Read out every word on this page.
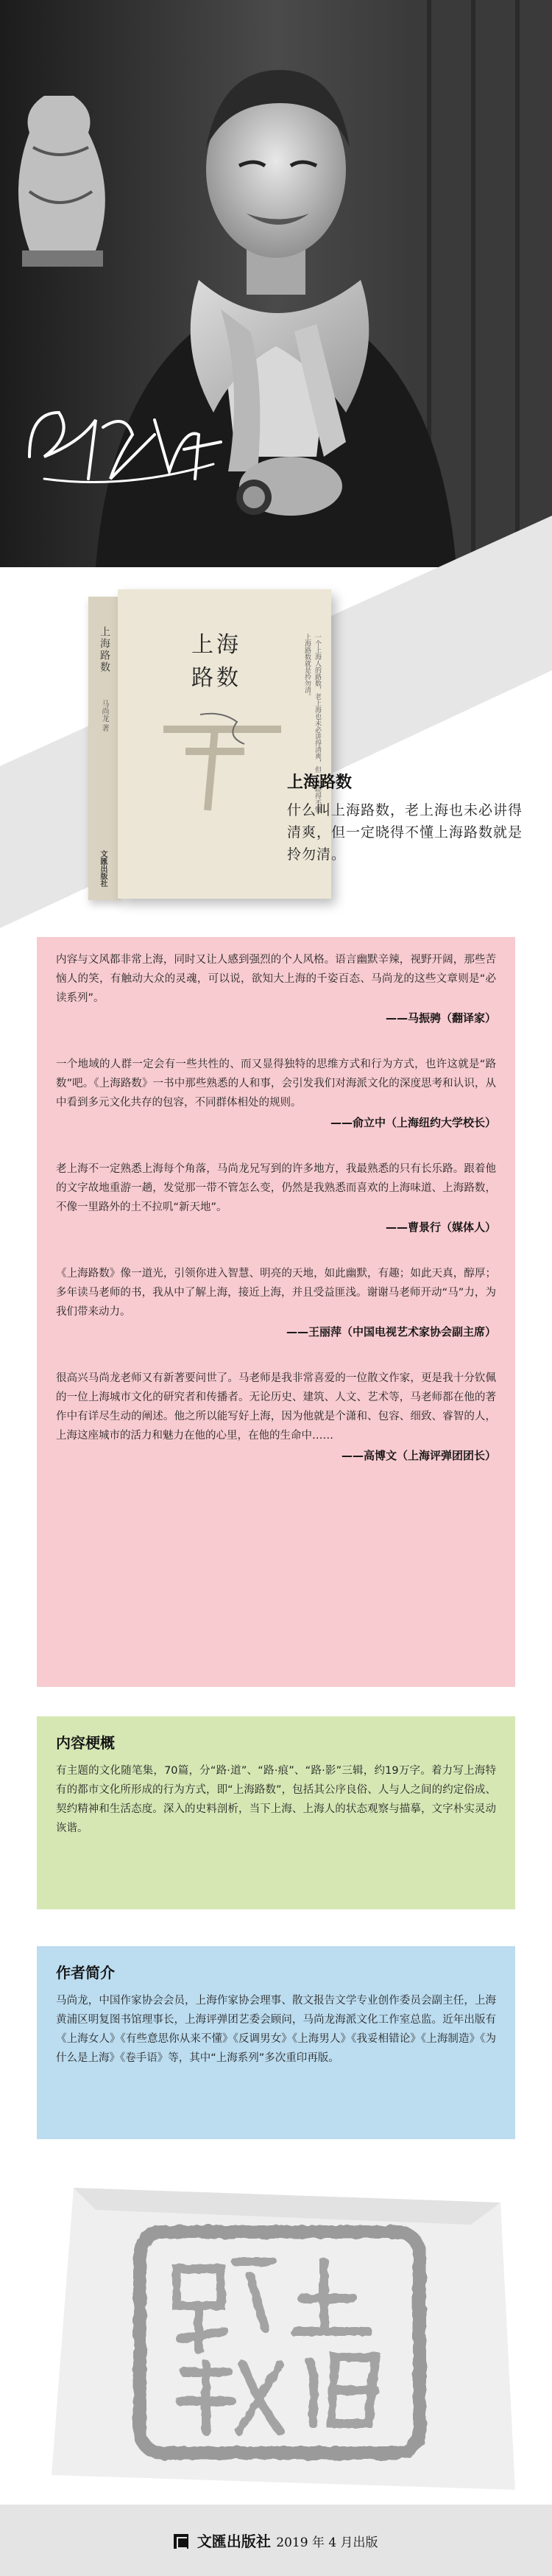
上海路数
马尚龙 著
文匯出版社
上海
路数	一个上海人的路数，老上海也未必讲得清爽，但一定晓得不懂上海路数就是拎勿清。
上海路数
什么叫上海路数，老上海也未必讲得清爽，但一定晓得不懂上海路数就是拎勿清。

内容与文风都非常上海，同时又让人感到强烈的个人风格。语言幽默辛辣，视野开阔，那些苦恼人的笑，有触动大众的灵魂，可以说，欲知大上海的千姿百态、马尚龙的这些文章则是“必读系列”。

——马振骋（翻译家）

一个地域的人群一定会有一些共性的、而又显得独特的思维方式和行为方式，也许这就是“路数”吧。《上海路数》一书中那些熟悉的人和事，会引发我们对海派文化的深度思考和认识，从中看到多元文化共存的包容，不同群体相处的规则。

——俞立中（上海纽约大学校长）

老上海不一定熟悉上海每个角落，马尚龙兄写到的许多地方，我最熟悉的只有长乐路。跟着他的文字故地重游一趟，发觉那一带不管怎么变，仍然是我熟悉而喜欢的上海味道、上海路数，不像一里路外的土不拉叽“新天地”。

——曹景行（媒体人）

《上海路数》像一道光，引领你进入智慧、明亮的天地，如此幽默，有趣；如此天真，醇厚；多年读马老师的书，我从中了解上海，接近上海，并且受益匪浅。谢谢马老师开动“马”力，为我们带来动力。

——王丽萍（中国电视艺术家协会副主席）

很高兴马尚龙老师又有新著要问世了。马老师是我非常喜爱的一位散文作家，更是我十分钦佩的一位上海城市文化的研究者和传播者。无论历史、建筑、人文、艺术等，马老师都在他的著作中有详尽生动的阐述。他之所以能写好上海，因为他就是个潇和、包容、细致、睿智的人，上海这座城市的活力和魅力在他的心里，在他的生命中……

——高博文（上海评弹团团长）

内容梗概

有主题的文化随笔集，70篇，分“路·道”、“路·痕”、“路·影”三辑，约19万字。着力写上海特有的都市文化所形成的行为方式，即“上海路数”，包括其公序良俗、人与人之间的约定俗成、契约精神和生活态度。深入的史料剖析，当下上海、上海人的状态观察与描摹，文字朴实灵动诙谐。

作者简介

马尚龙，中国作家协会会员，上海作家协会理事、散文报告文学专业创作委员会副主任，上海黄浦区明复图书馆理事长，上海评弹团艺委会顾问，马尚龙海派文化工作室总监。近年出版有《上海女人》《有些意思你从来不懂》《反调男女》《上海男人》《我妥相错论》《上海制造》《为什么是上海》《卷手语》等，其中“上海系列”多次重印再版。

文匯出版社 2019 年 4 月出版
